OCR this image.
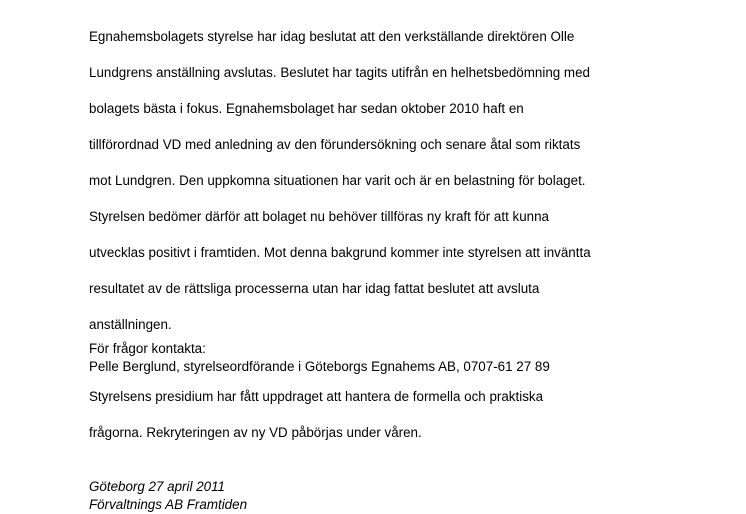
Egnahemsbolagets styrelse har idag beslutat att den verkställande direktören Olle

Lundgrens anställning avslutas. Beslutet har tagits utifrån en helhetsbedömning med

bolagets bästa i fokus. Egnahemsbolaget har sedan oktober 2010 haft en

tillförordnad VD med anledning av den förundersökning och senare åtal som riktats

mot Lundgren. Den uppkomna situationen har varit och är en belastning för bolaget.

Styrelsen bedömer därför att bolaget nu behöver tillföras ny kraft för att kunna

utvecklas positivt i framtiden. Mot denna bakgrund kommer inte styrelsen att inväntta

resultatet av de rättsliga processerna utan har idag fattat beslutet att avsluta

anställningen.

Styrelsens presidium har fått uppdraget att hantera de formella och praktiska

frågorna. Rekryteringen av ny VD påbörjas under våren.

Göteborg 27 april 2011
Förvaltnings AB Framtiden
För frågor kontakta:
Pelle Berglund, styrelseordförande i Göteborgs Egnahems AB, 0707-61 27 89
